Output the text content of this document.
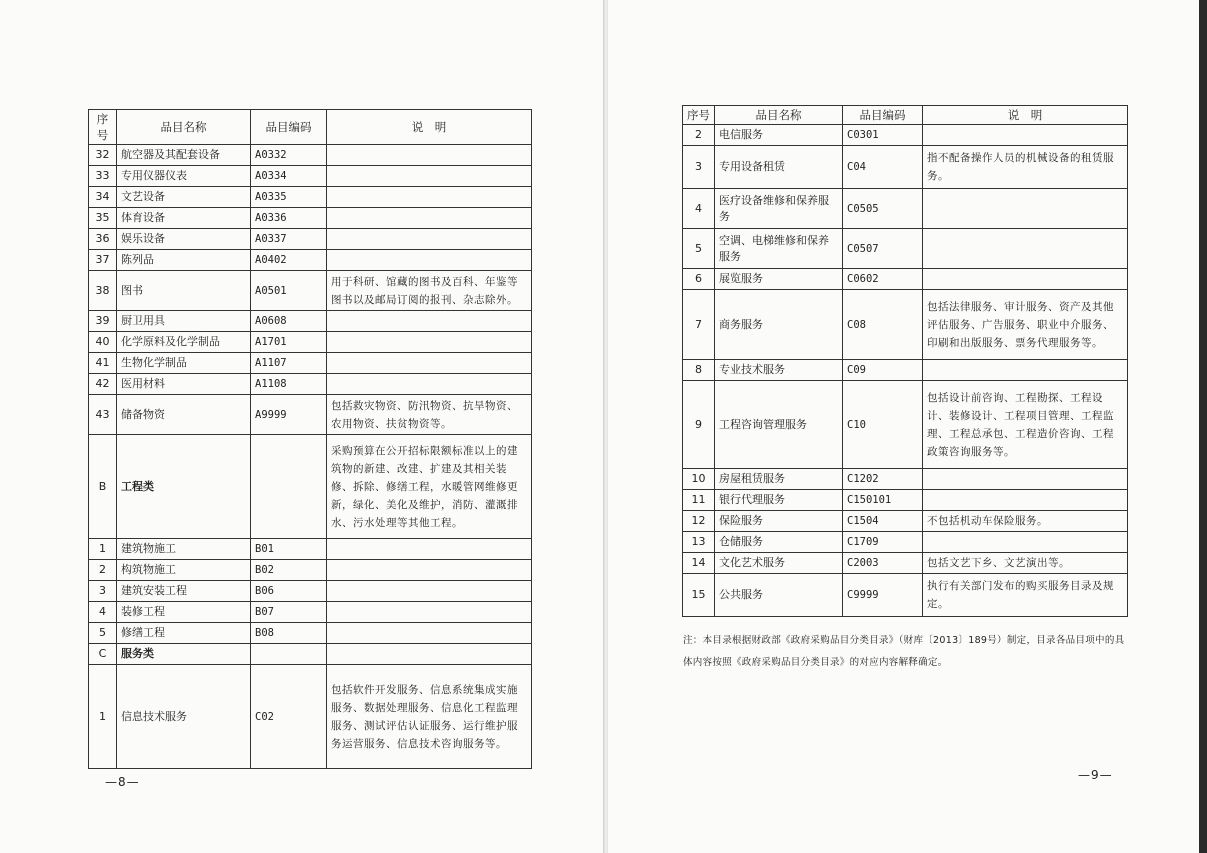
序号	品目名称	品目编码	说　明
32	航空器及其配套设备	A0332	
33	专用仪器仪表	A0334	
34	文艺设备	A0335	
35	体育设备	A0336	
36	娱乐设备	A0337	
37	陈列品	A0402	
38	图书	A0501	用于科研、馆藏的图书及百科、年鉴等图书以及邮局订阅的报刊、杂志除外。
39	厨卫用具	A0608	
40	化学原料及化学制品	A1701	
41	生物化学制品	A1107	
42	医用材料	A1108	
43	储备物资	A9999	包括救灾物资、防汛物资、抗旱物资、农用物资、扶贫物资等。
B	工程类		采购预算在公开招标限额标准以上的建筑物的新建、改建、扩建及其相关装修、拆除、修缮工程，水暖管网维修更新，绿化、美化及维护，消防、灌溉排水、污水处理等其他工程。
1	建筑物施工	B01	
2	构筑物施工	B02	
3	建筑安装工程	B06	
4	装修工程	B07	
5	修缮工程	B08	
C	服务类		
1	信息技术服务	C02	包括软件开发服务、信息系统集成实施服务、数据处理服务、信息化工程监理服务、测试评估认证服务、运行维护服务运营服务、信息技术咨询服务等。
—8—
序号	品目名称	品目编码	说　明
2	电信服务	C0301	
3	专用设备租赁	C04	指不配备操作人员的机械设备的租赁服务。
4	医疗设备维修和保养服务	C0505	
5	空调、电梯维修和保养服务	C0507	
6	展览服务	C0602	
7	商务服务	C08	包括法律服务、审计服务、资产及其他评估服务、广告服务、职业中介服务、印刷和出版服务、票务代理服务等。
8	专业技术服务	C09	
9	工程咨询管理服务	C10	包括设计前咨询、工程勘探、工程设计、装修设计、工程项目管理、工程监理、工程总承包、工程造价咨询、工程政策咨询服务等。
10	房屋租赁服务	C1202	
11	银行代理服务	C150101	
12	保险服务	C1504	不包括机动车保险服务。
13	仓储服务	C1709	
14	文化艺术服务	C2003	包括文艺下乡、文艺演出等。
15	公共服务	C9999	执行有关部门发布的购买服务目录及规定。
注：本目录根据财政部《政府采购品目分类目录》（财库〔2013〕189号）制定，目录各品目项中的具体内容按照《政府采购品目分类目录》的对应内容解释确定。
—9—
